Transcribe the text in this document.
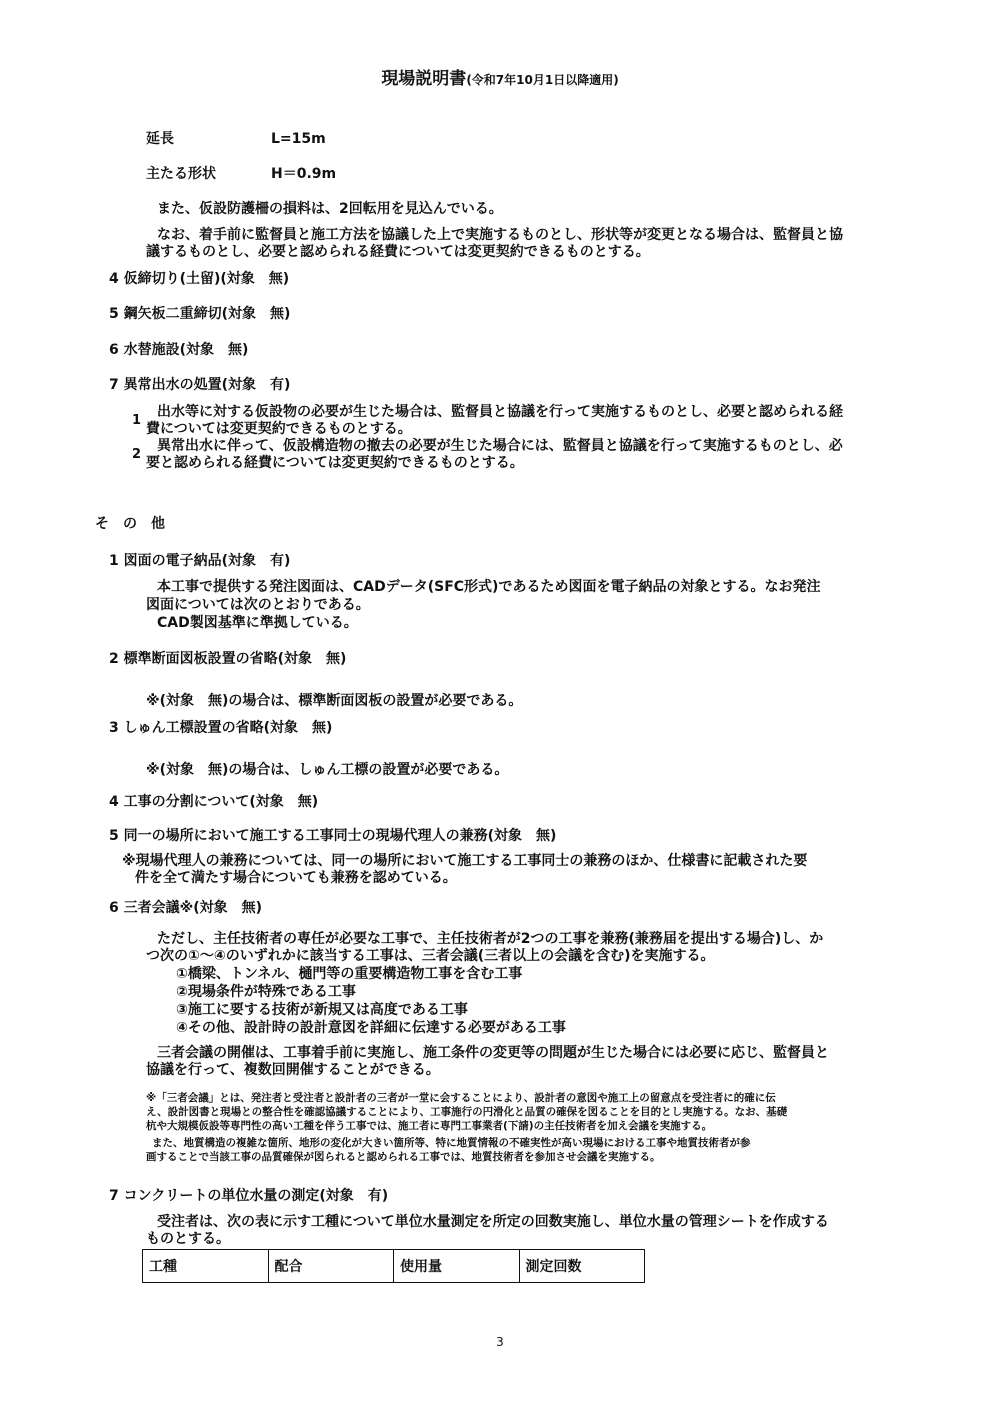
現場説明書(令和7年10月1日以降適用)
延長	L=15m
主たる形状	H＝0.9m
また、仮設防護柵の損料は、2回転用を見込んでいる。
なお、着手前に監督員と施工方法を協議した上で実施するものとし、形状等が変更となる場合は、監督員と協
議するものとし、必要と認められる経費については変更契約できるものとする。
4 仮締切り(土留)(対象　無)
5 鋼矢板二重締切(対象　無)
6 水替施設(対象　無)
7 異常出水の処置(対象　有)
1
出水等に対する仮設物の必要が生じた場合は、監督員と協議を行って実施するものとし、必要と認められる経
費については変更契約できるものとする。
2
異常出水に伴って、仮設構造物の撤去の必要が生じた場合には、監督員と協議を行って実施するものとし、必
要と認められる経費については変更契約できるものとする。
そ　の　他
1 図面の電子納品(対象　有)
本工事で提供する発注図面は、CADデータ(SFC形式)であるため図面を電子納品の対象とする。なお発注
図面については次のとおりである。
CAD製図基準に準拠している。
2 標準断面図板設置の省略(対象　無)
※(対象　無)の場合は、標準断面図板の設置が必要である。
3 しゅん工標設置の省略(対象　無)
※(対象　無)の場合は、しゅん工標の設置が必要である。
4 工事の分割について(対象　無)
5 同一の場所において施工する工事同士の現場代理人の兼務(対象　無)
※現場代理人の兼務については、同一の場所において施工する工事同士の兼務のほか、仕様書に記載された要
件を全て満たす場合についても兼務を認めている。
6 三者会議※(対象　無)
ただし、主任技術者の専任が必要な工事で、主任技術者が2つの工事を兼務(兼務届を提出する場合)し、か
つ次の①～④のいずれかに該当する工事は、三者会議(三者以上の会議を含む)を実施する。
①橋梁、トンネル、樋門等の重要構造物工事を含む工事
②現場条件が特殊である工事
③施工に要する技術が新規又は高度である工事
④その他、設計時の設計意図を詳細に伝達する必要がある工事
三者会議の開催は、工事着手前に実施し、施工条件の変更等の問題が生じた場合には必要に応じ、監督員と
協議を行って、複数回開催することができる。
※「三者会議」とは、発注者と受注者と設計者の三者が一堂に会することにより、設計者の意図や施工上の留意点を受注者に的確に伝
え、設計図書と現場との整合性を確認協議することにより、工事施行の円滑化と品質の確保を図ることを目的とし実施する。なお、基礎
杭や大規模仮設等専門性の高い工種を伴う工事では、施工者に専門工事業者(下請)の主任技術者を加え会議を実施する。
また、地質構造の複雑な箇所、地形の変化が大きい箇所等、特に地質情報の不確実性が高い現場における工事や地質技術者が参
画することで当該工事の品質確保が図られると認められる工事では、地質技術者を参加させ会議を実施する。
7 コンクリートの単位水量の測定(対象　有)
受注者は、次の表に示す工種について単位水量測定を所定の回数実施し、単位水量の管理シートを作成する
ものとする。
工種	配合	使用量	測定回数
3
